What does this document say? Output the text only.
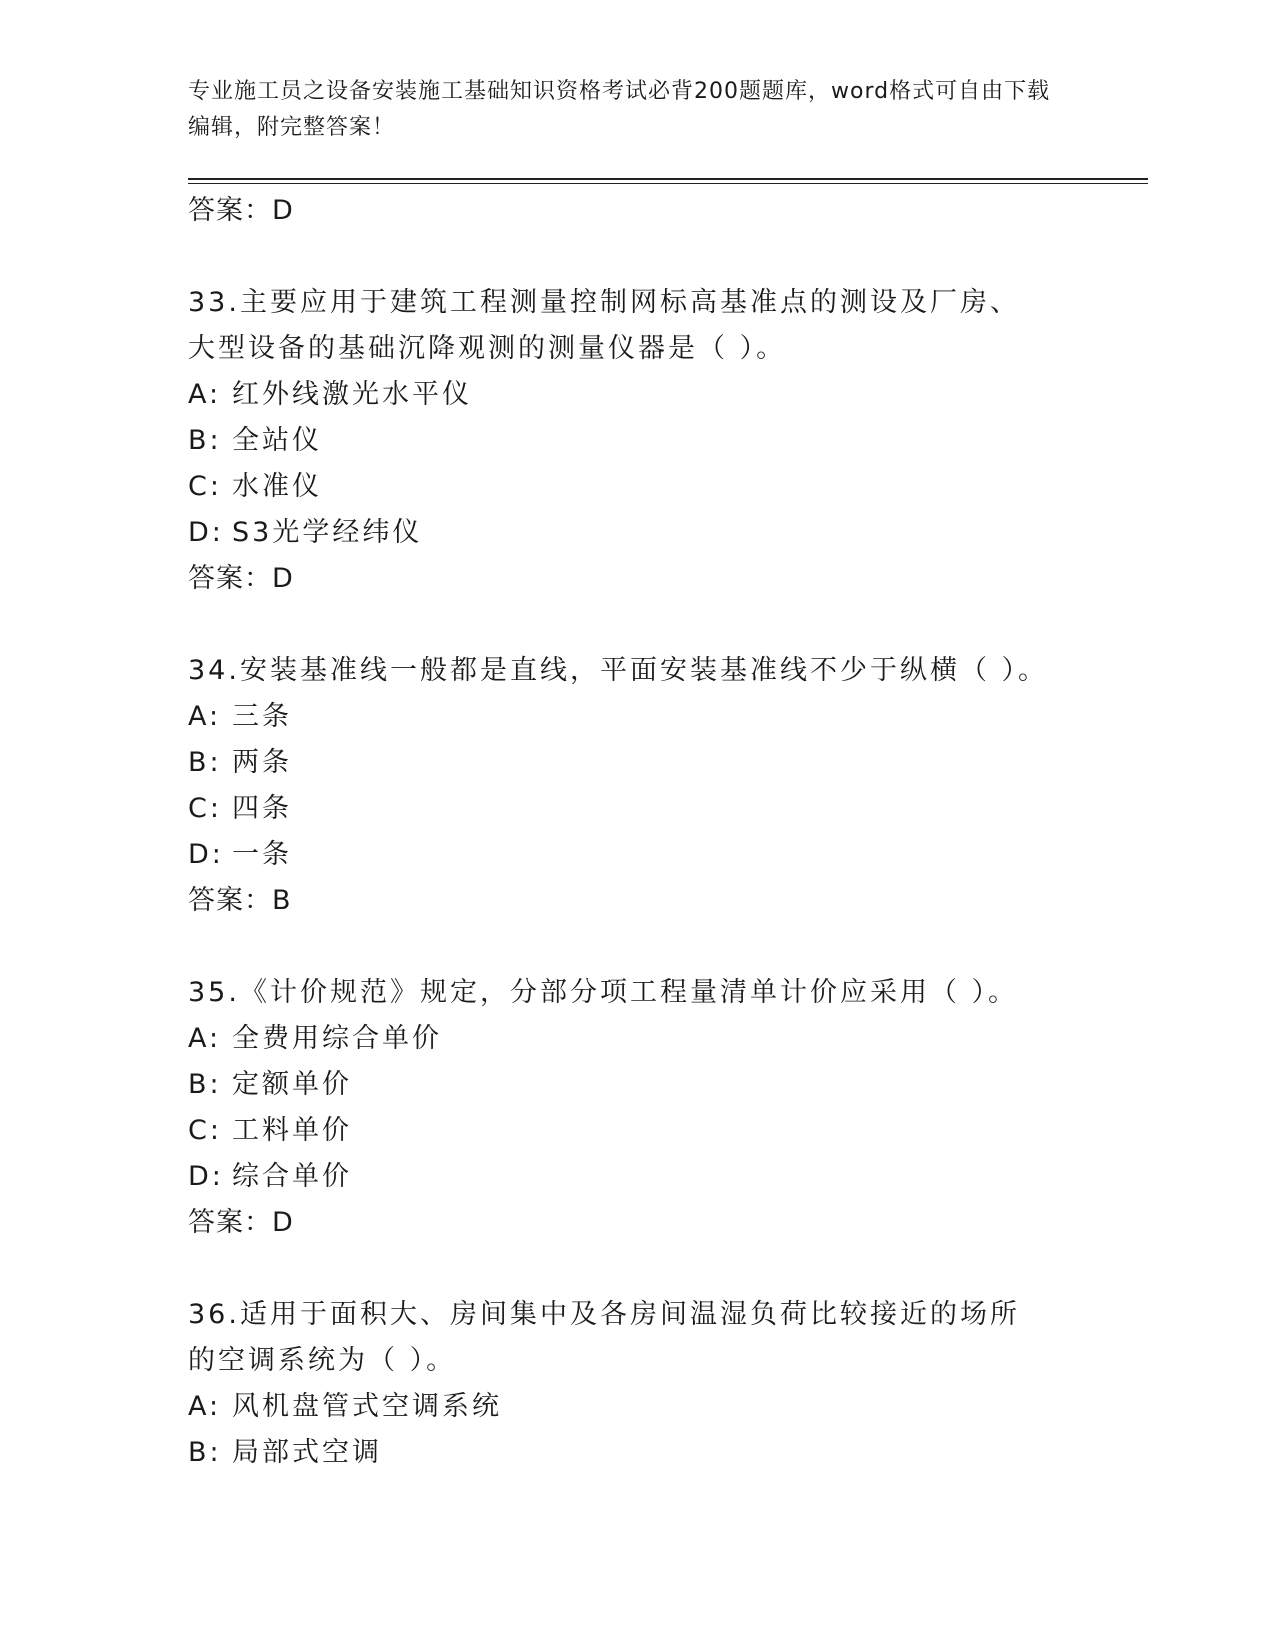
专业施工员之设备安装施工基础知识资格考试必背200题题库，word格式可自由下载编辑，附完整答案！
答案：D
33.主要应用于建筑工程测量控制网标高基准点的测设及厂房、大型设备的基础沉降观测的测量仪器是（ ）。
A: 红外线激光水平仪
B: 全站仪
C: 水准仪
D: S3光学经纬仪
答案：D
34.安装基准线一般都是直线，平面安装基准线不少于纵横（ ）。
A: 三条
B: 两条
C: 四条
D: 一条
答案：B
35.《计价规范》规定，分部分项工程量清单计价应采用（ ）。
A: 全费用综合单价
B: 定额单价
C: 工料单价
D: 综合单价
答案：D
36.适用于面积大、房间集中及各房间温湿负荷比较接近的场所的空调系统为（ ）。
A: 风机盘管式空调系统
B: 局部式空调
